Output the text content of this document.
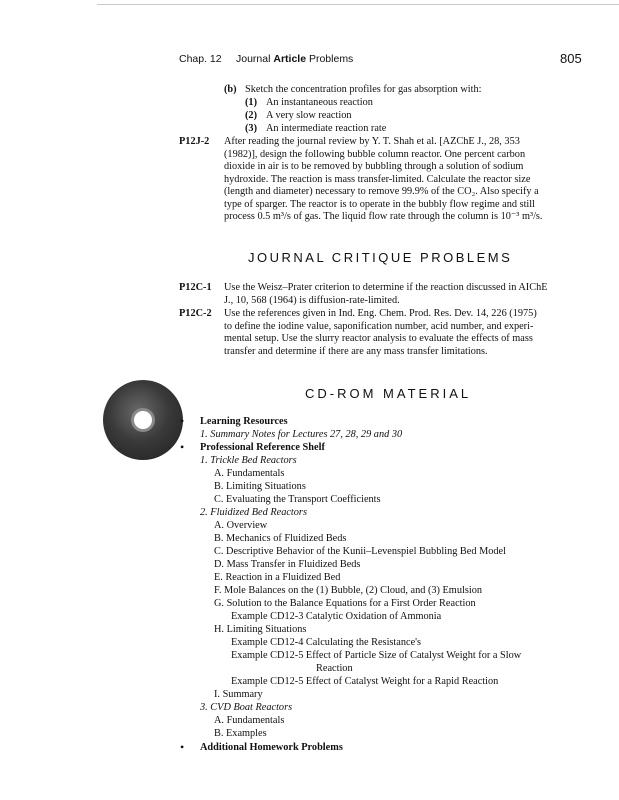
Chap. 12 Journal Article Problems	805
(b) Sketch the concentration profiles for gas absorption with:
(1) An instantaneous reaction
(2) A very slow reaction
(3) An intermediate reaction rate
P12J-2 After reading the journal review by Y. T. Shah et al. [AZChE J., 28, 353
(1982)], design the following bubble column reactor. One percent carbon
dioxide in air is to be removed by bubbling through a solution of sodium
hydroxide. The reaction is mass transfer-limited. Calculate the reactor size
(length and diameter) necessary to remove 99.9% of the CO₂. Also specify a
type of sparger. The reactor is to operate in the bubbly flow regime and still
process 0.5 m³/s of gas. The liquid flow rate through the column is 10⁻³ m³/s.
JOURNAL CRITIQUE PROBLEMS
P12C-1 Use the Weisz–Prater criterion to determine if the reaction discussed in AIChE
J., 10, 568 (1964) is diffusion-rate-limited.
P12C-2 Use the references given in Ind. Eng. Chem. Prod. Res. Dev. 14, 226 (1975)
to define the iodine value, saponification number, acid number, and experi-
mental setup. Use the slurry reactor analysis to evaluate the effects of mass
transfer and determine if there are any mass transfer limitations.
CD-ROM MATERIAL
• Learning Resources
1. Summary Notes for Lectures 27, 28, 29 and 30
• Professional Reference Shelf
1. Trickle Bed Reactors
A. Fundamentals
B. Limiting Situations
C. Evaluating the Transport Coefficients
2. Fluidized Bed Reactors
A. Overview
B. Mechanics of Fluidized Beds
C. Descriptive Behavior of the Kunii–Levenspiel Bubbling Bed Model
D. Mass Transfer in Fluidized Beds
E. Reaction in a Fluidized Bed
F. Mole Balances on the (1) Bubble, (2) Cloud, and (3) Emulsion
G. Solution to the Balance Equations for a First Order Reaction
Example CD12-3 Catalytic Oxidation of Ammonia
H. Limiting Situations
Example CD12-4 Calculating the Resistance's
Example CD12-5 Effect of Particle Size of Catalyst Weight for a Slow
Reaction
Example CD12-5 Effect of Catalyst Weight for a Rapid Reaction
I. Summary
3. CVD Boat Reactors
A. Fundamentals
B. Examples
• Additional Homework Problems
